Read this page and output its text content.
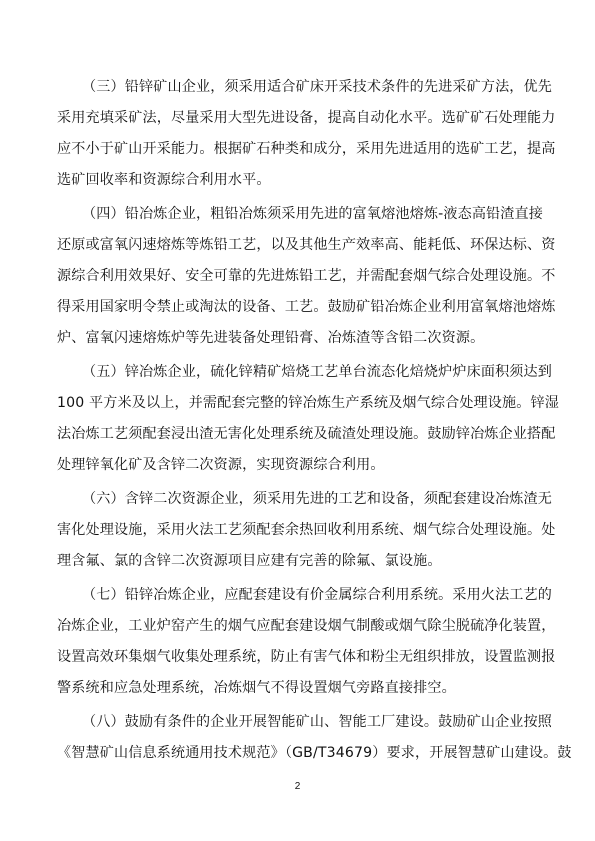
（三）铅锌矿山企业，须采用适合矿床开采技术条件的先进采矿方法，优先
采用充填采矿法，尽量采用大型先进设备，提高自动化水平。选矿矿石处理能力
应不小于矿山开采能力。根据矿石种类和成分，采用先进适用的选矿工艺，提高
选矿回收率和资源综合利用水平。
（四）铅冶炼企业，粗铅冶炼须采用先进的富氧熔池熔炼-液态高铅渣直接
还原或富氧闪速熔炼等炼铅工艺，以及其他生产效率高、能耗低、环保达标、资
源综合利用效果好、安全可靠的先进炼铅工艺，并需配套烟气综合处理设施。不
得采用国家明令禁止或淘汰的设备、工艺。鼓励矿铅冶炼企业利用富氧熔池熔炼
炉、富氧闪速熔炼炉等先进装备处理铅膏、冶炼渣等含铅二次资源。
（五）锌冶炼企业，硫化锌精矿焙烧工艺单台流态化焙烧炉炉床面积须达到
100 平方米及以上，并需配套完整的锌冶炼生产系统及烟气综合处理设施。锌湿
法冶炼工艺须配套浸出渣无害化处理系统及硫渣处理设施。鼓励锌冶炼企业搭配
处理锌氧化矿及含锌二次资源，实现资源综合利用。
（六）含锌二次资源企业，须采用先进的工艺和设备，须配套建设冶炼渣无
害化处理设施，采用火法工艺须配套余热回收利用系统、烟气综合处理设施。处
理含氟、氯的含锌二次资源项目应建有完善的除氟、氯设施。
（七）铅锌冶炼企业，应配套建设有价金属综合利用系统。采用火法工艺的
冶炼企业，工业炉窑产生的烟气应配套建设烟气制酸或烟气除尘脱硫净化装置，
设置高效环集烟气收集处理系统，防止有害气体和粉尘无组织排放，设置监测报
警系统和应急处理系统，冶炼烟气不得设置烟气旁路直接排空。
（八）鼓励有条件的企业开展智能矿山、智能工厂建设。鼓励矿山企业按照
《智慧矿山信息系统通用技术规范》（GB/T34679）要求，开展智慧矿山建设。鼓
2
